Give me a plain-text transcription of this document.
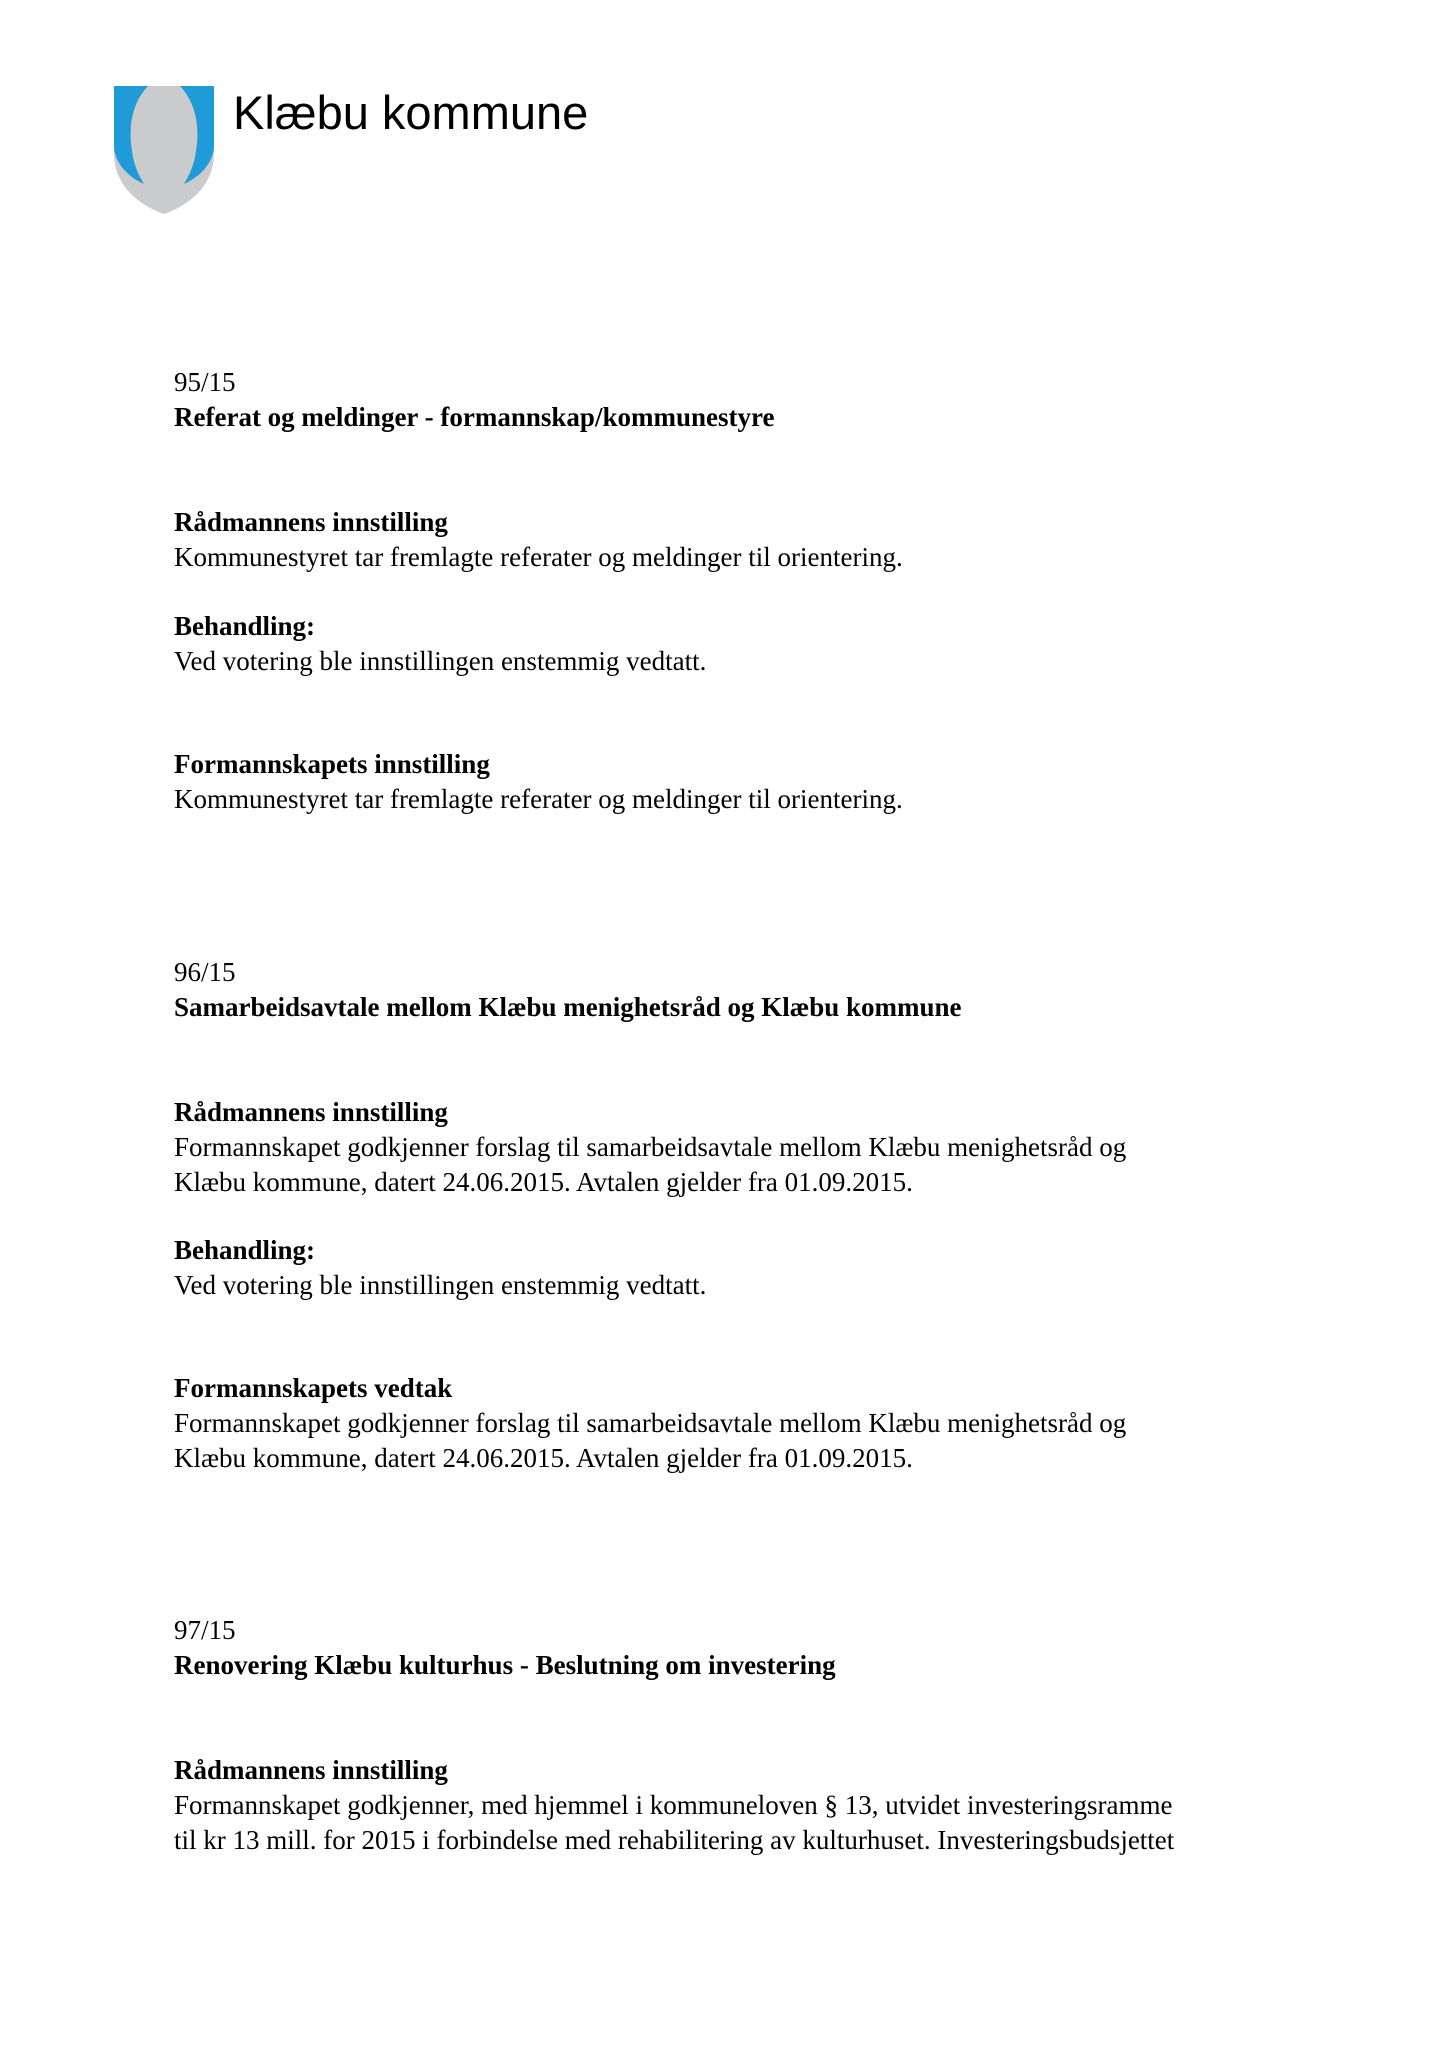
Klæbu kommune

95/15

Referat og meldinger - formannskap/kommunestyre

Rådmannens innstilling

Kommunestyret tar fremlagte referater og meldinger til orientering.

Behandling:

Ved votering ble innstillingen enstemmig vedtatt.

Formannskapets innstilling

Kommunestyret tar fremlagte referater og meldinger til orientering.

96/15

Samarbeidsavtale mellom Klæbu menighetsråd og Klæbu kommune

Rådmannens innstilling

Formannskapet godkjenner forslag til samarbeidsavtale mellom Klæbu menighetsråd og

Klæbu kommune, datert 24.06.2015. Avtalen gjelder fra 01.09.2015.

Behandling:

Ved votering ble innstillingen enstemmig vedtatt.

Formannskapets vedtak

Formannskapet godkjenner forslag til samarbeidsavtale mellom Klæbu menighetsråd og

Klæbu kommune, datert 24.06.2015. Avtalen gjelder fra 01.09.2015.

97/15

Renovering Klæbu kulturhus - Beslutning om investering

Rådmannens innstilling

Formannskapet godkjenner, med hjemmel i kommuneloven § 13, utvidet investeringsramme

til kr 13 mill. for 2015 i forbindelse med rehabilitering av kulturhuset. Investeringsbudsjettet
